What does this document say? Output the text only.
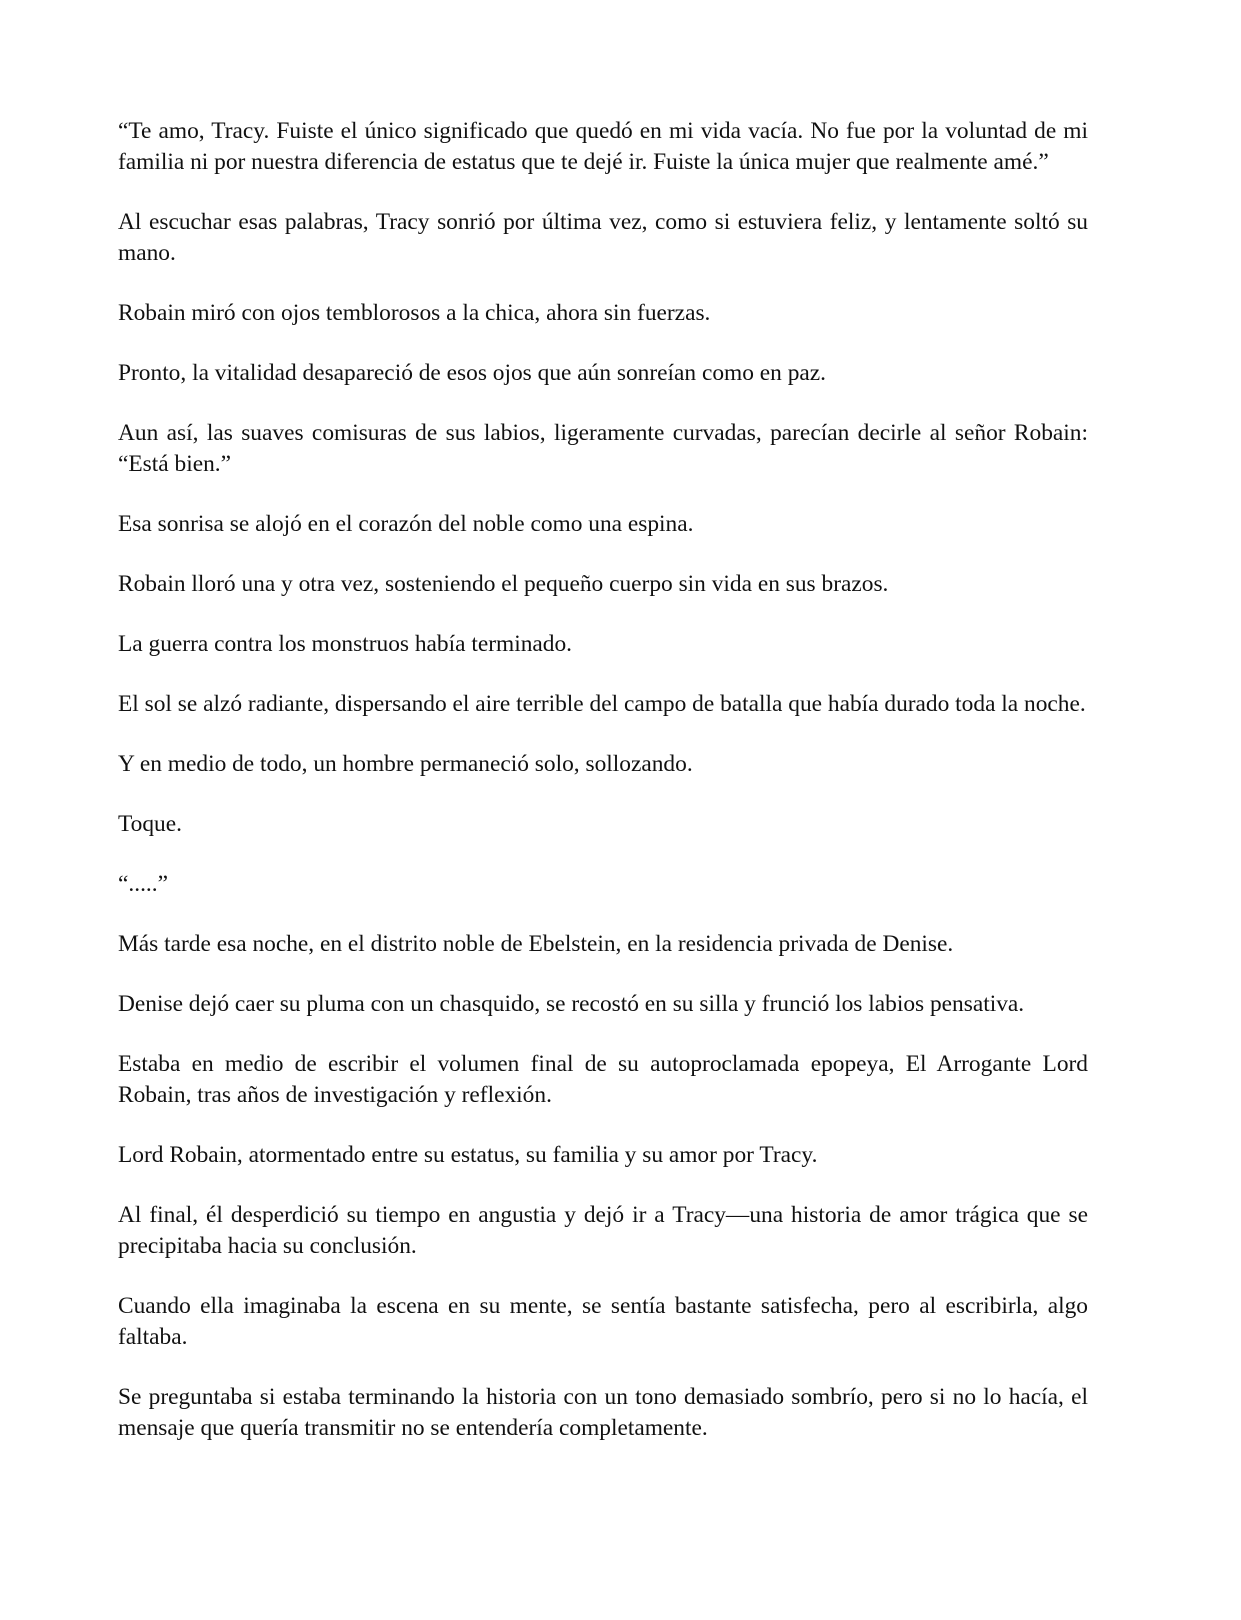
“Te amo, Tracy. Fuiste el único significado que quedó en mi vida vacía. No fue por la voluntad de mi familia ni por nuestra diferencia de estatus que te dejé ir. Fuiste la única mujer que realmente amé.”

Al escuchar esas palabras, Tracy sonrió por última vez, como si estuviera feliz, y lentamente soltó su mano.

Robain miró con ojos temblorosos a la chica, ahora sin fuerzas.

Pronto, la vitalidad desapareció de esos ojos que aún sonreían como en paz.

Aun así, las suaves comisuras de sus labios, ligeramente curvadas, parecían decirle al señor Robain: “Está bien.”

Esa sonrisa se alojó en el corazón del noble como una espina.

Robain lloró una y otra vez, sosteniendo el pequeño cuerpo sin vida en sus brazos.

La guerra contra los monstruos había terminado.

El sol se alzó radiante, dispersando el aire terrible del campo de batalla que había durado toda la noche.

Y en medio de todo, un hombre permaneció solo, sollozando.

Toque.

“.....”

Más tarde esa noche, en el distrito noble de Ebelstein, en la residencia privada de Denise.

Denise dejó caer su pluma con un chasquido, se recostó en su silla y frunció los labios pensativa.

Estaba en medio de escribir el volumen final de su autoproclamada epopeya, El Arrogante Lord Robain, tras años de investigación y reflexión.

Lord Robain, atormentado entre su estatus, su familia y su amor por Tracy.

Al final, él desperdició su tiempo en angustia y dejó ir a Tracy—una historia de amor trágica que se precipitaba hacia su conclusión.

Cuando ella imaginaba la escena en su mente, se sentía bastante satisfecha, pero al escribirla, algo faltaba.

Se preguntaba si estaba terminando la historia con un tono demasiado sombrío, pero si no lo hacía, el mensaje que quería transmitir no se entendería completamente.
